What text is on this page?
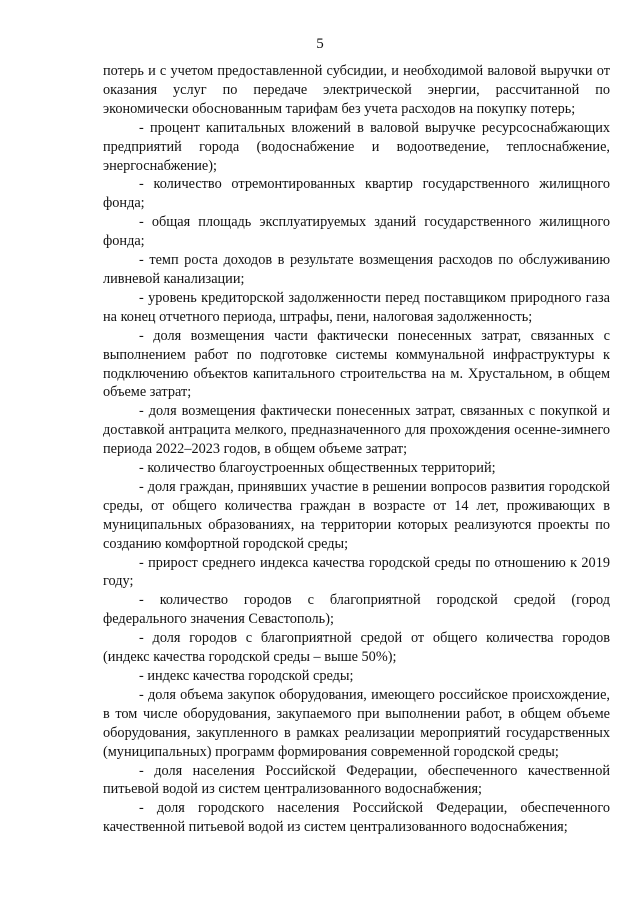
5

потерь и с учетом предоставленной субсидии, и необходимой валовой выручки от оказания услуг по передаче электрической энергии, рассчитанной по экономически обоснованным тарифам без учета расходов на покупку потерь;

- процент капитальных вложений в валовой выручке ресурсоснабжающих предприятий города (водоснабжение и водоотведение, теплоснабжение, энергоснабжение);

- количество отремонтированных квартир государственного жилищного фонда;

- общая площадь эксплуатируемых зданий государственного жилищного фонда;

- темп роста доходов в результате возмещения расходов по обслуживанию ливневой канализации;

- уровень кредиторской задолженности перед поставщиком природного газа на конец отчетного периода, штрафы, пени, налоговая задолженность;

- доля возмещения части фактически понесенных затрат, связанных с выполнением работ по подготовке системы коммунальной инфраструктуры к подключению объектов капитального строительства на м. Хрустальном, в общем объеме затрат;

- доля возмещения фактически понесенных затрат, связанных с покупкой и доставкой антрацита мелкого, предназначенного для прохождения осенне-зимнего периода 2022–2023 годов, в общем объеме затрат;

- количество благоустроенных общественных территорий;

- доля граждан, принявших участие в решении вопросов развития городской среды, от общего количества граждан в возрасте от 14 лет, проживающих в муниципальных образованиях, на территории которых реализуются проекты по созданию комфортной городской среды;

- прирост среднего индекса качества городской среды по отношению к 2019 году;

- количество городов с благоприятной городской средой (город федерального значения Севастополь);

- доля городов с благоприятной средой от общего количества городов (индекс качества городской среды – выше 50%);

- индекс качества городской среды;

- доля объема закупок оборудования, имеющего российское происхождение, в том числе оборудования, закупаемого при выполнении работ, в общем объеме оборудования, закупленного в рамках реализации мероприятий государственных (муниципальных) программ формирования современной городской среды;

- доля населения Российской Федерации, обеспеченного качественной питьевой водой из систем централизованного водоснабжения;

- доля городского населения Российской Федерации, обеспеченного качественной питьевой водой из систем централизованного водоснабжения;
